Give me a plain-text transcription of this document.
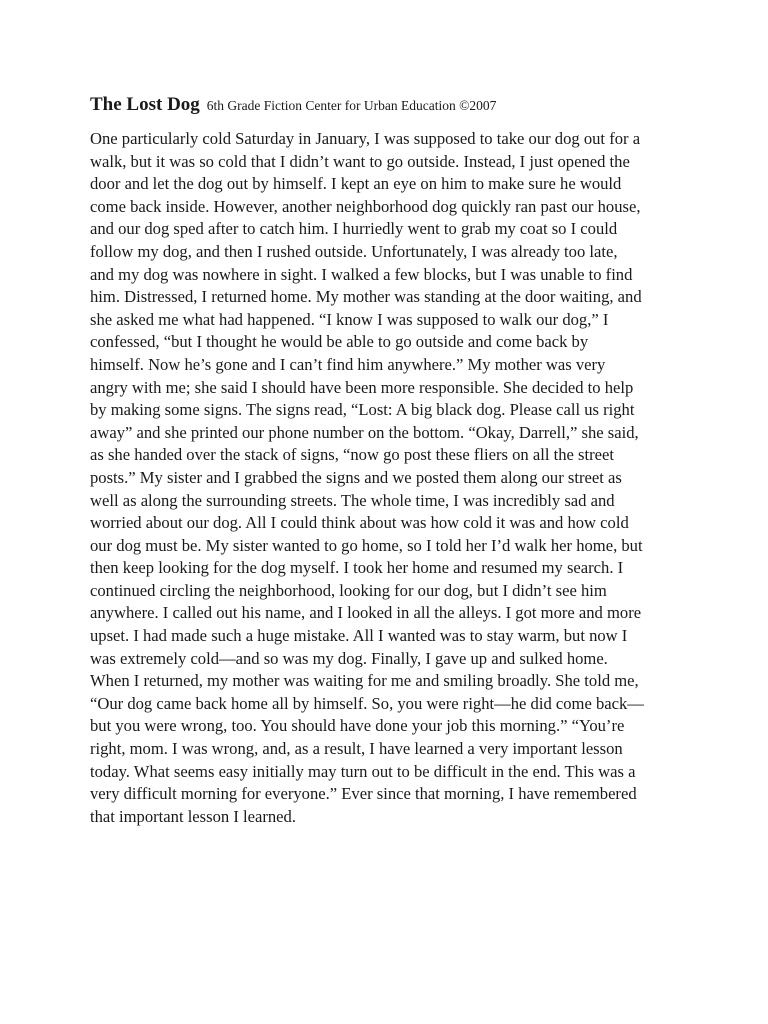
The Lost Dog 6th Grade Fiction Center for Urban Education ©2007
One particularly cold Saturday in January, I was supposed to take our dog out for a
walk, but it was so cold that I didn’t want to go outside. Instead, I just opened the
door and let the dog out by himself. I kept an eye on him to make sure he would
come back inside. However, another neighborhood dog quickly ran past our house,
and our dog sped after to catch him. I hurriedly went to grab my coat so I could
follow my dog, and then I rushed outside. Unfortunately, I was already too late,
and my dog was nowhere in sight. I walked a few blocks, but I was unable to find
him. Distressed, I returned home. My mother was standing at the door waiting, and
she asked me what had happened. “I know I was supposed to walk our dog,” I
confessed, “but I thought he would be able to go outside and come back by
himself. Now he’s gone and I can’t find him anywhere.” My mother was very
angry with me; she said I should have been more responsible. She decided to help
by making some signs. The signs read, “Lost: A big black dog. Please call us right
away” and she printed our phone number on the bottom. “Okay, Darrell,” she said,
as she handed over the stack of signs, “now go post these fliers on all the street
posts.” My sister and I grabbed the signs and we posted them along our street as
well as along the surrounding streets. The whole time, I was incredibly sad and
worried about our dog. All I could think about was how cold it was and how cold
our dog must be. My sister wanted to go home, so I told her I’d walk her home, but
then keep looking for the dog myself. I took her home and resumed my search. I
continued circling the neighborhood, looking for our dog, but I didn’t see him
anywhere. I called out his name, and I looked in all the alleys. I got more and more
upset. I had made such a huge mistake. All I wanted was to stay warm, but now I
was extremely cold—and so was my dog. Finally, I gave up and sulked home.
When I returned, my mother was waiting for me and smiling broadly. She told me,
“Our dog came back home all by himself. So, you were right—he did come back—
but you were wrong, too. You should have done your job this morning.” “You’re
right, mom. I was wrong, and, as a result, I have learned a very important lesson
today. What seems easy initially may turn out to be difficult in the end. This was a
very difficult morning for everyone.” Ever since that morning, I have remembered
that important lesson I learned.
